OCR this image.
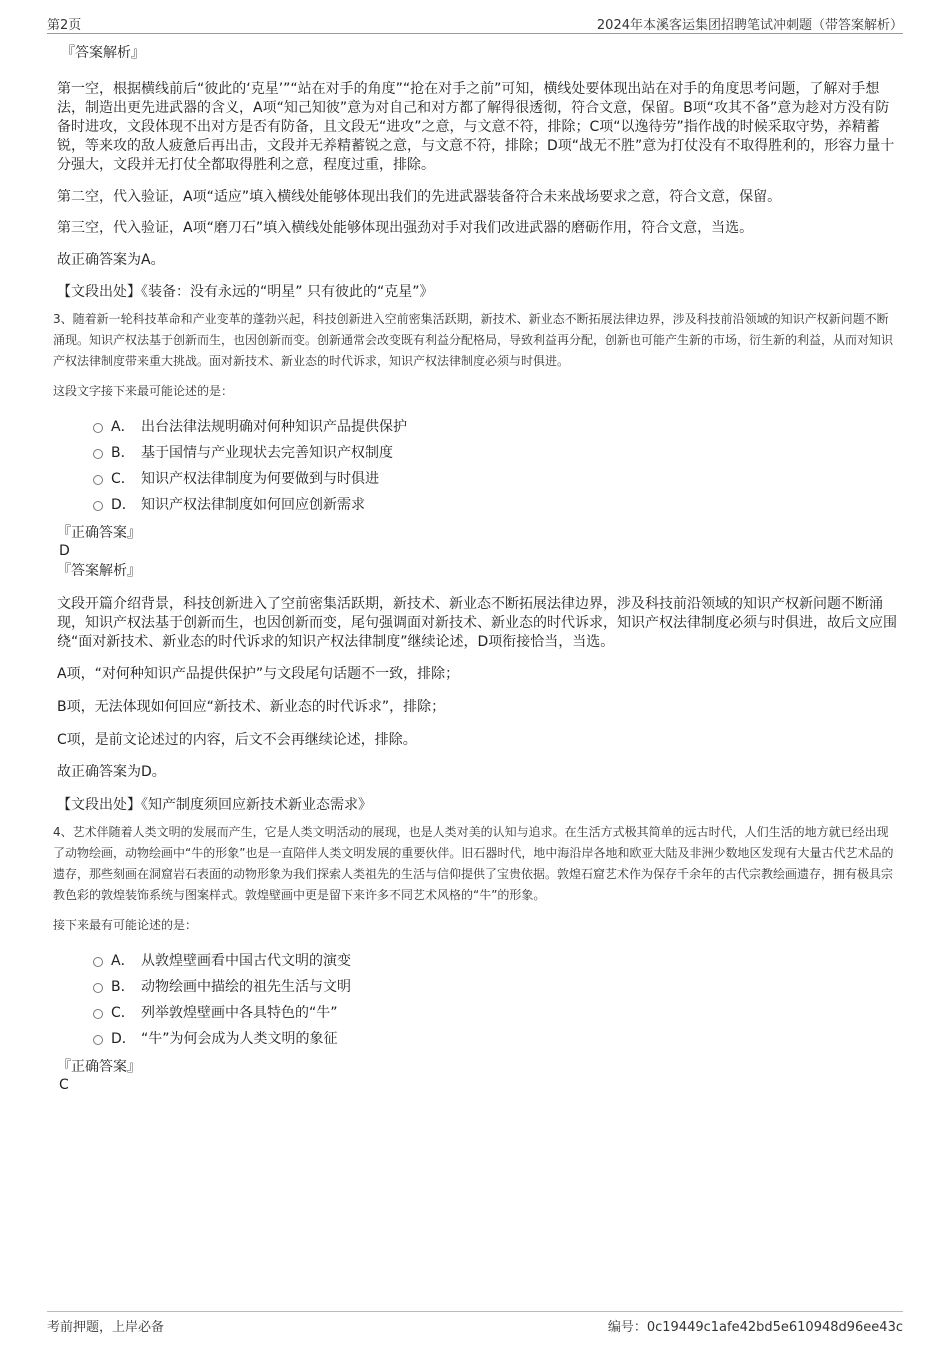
第2页	2024年本溪客运集团招聘笔试冲刺题（带答案解析）

『答案解析』

第一空，根据横线前后“彼此的‘克星’”“站在对手的角度”“抢在对手之前”可知，横线处要体现出站在对手的角度思考问题，了解对手想法，制造出更先进武器的含义，A项“知己知彼”意为对自己和对方都了解得很透彻，符合文意，保留。B项“攻其不备”意为趁对方没有防备时进攻，文段体现不出对方是否有防备，且文段无“进攻”之意，与文意不符，排除；C项“以逸待劳”指作战的时候采取守势，养精蓄锐，等来攻的敌人疲惫后再出击，文段并无养精蓄锐之意，与文意不符，排除；D项“战无不胜”意为打仗没有不取得胜利的，形容力量十分强大，文段并无打仗全都取得胜利之意，程度过重，排除。

第二空，代入验证，A项“适应”填入横线处能够体现出我们的先进武器装备符合未来战场要求之意，符合文意，保留。

第三空，代入验证，A项“磨刀石”填入横线处能够体现出强劲对手对我们改进武器的磨砺作用，符合文意，当选。

故正确答案为A。

【文段出处】《装备：没有永远的“明星” 只有彼此的“克星”》

3、随着新一轮科技革命和产业变革的蓬勃兴起，科技创新进入空前密集活跃期，新技术、新业态不断拓展法律边界，涉及科技前沿领域的知识产权新问题不断涌现。知识产权法基于创新而生，也因创新而变。创新通常会改变既有利益分配格局，导致利益再分配，创新也可能产生新的市场，衍生新的利益，从而对知识产权法律制度带来重大挑战。面对新技术、新业态的时代诉求，知识产权法律制度必须与时俱进。

这段文字接下来最可能论述的是：

A． 出台法律法规明确对何种知识产品提供保护
B． 基于国情与产业现状去完善知识产权制度
C． 知识产权法律制度为何要做到与时俱进
D． 知识产权法律制度如何回应创新需求

『正确答案』

D

『答案解析』

文段开篇介绍背景，科技创新进入了空前密集活跃期，新技术、新业态不断拓展法律边界，涉及科技前沿领域的知识产权新问题不断涌现，知识产权法基于创新而生，也因创新而变，尾句强调面对新技术、新业态的时代诉求，知识产权法律制度必须与时俱进，故后文应围绕“面对新技术、新业态的时代诉求的知识产权法律制度”继续论述，D项衔接恰当，当选。

A项，“对何种知识产品提供保护”与文段尾句话题不一致，排除；

B项，无法体现如何回应“新技术、新业态的时代诉求”，排除；

C项，是前文论述过的内容，后文不会再继续论述，排除。

故正确答案为D。

【文段出处】《知产制度须回应新技术新业态需求》

4、艺术伴随着人类文明的发展而产生，它是人类文明活动的展现，也是人类对美的认知与追求。在生活方式极其简单的远古时代，人们生活的地方就已经出现了动物绘画，动物绘画中“牛的形象”也是一直陪伴人类文明发展的重要伙伴。旧石器时代，地中海沿岸各地和欧亚大陆及非洲少数地区发现有大量古代艺术品的遗存，那些刻画在洞窟岩石表面的动物形象为我们探索人类祖先的生活与信仰提供了宝贵依据。敦煌石窟艺术作为保存千余年的古代宗教绘画遗存，拥有极具宗教色彩的敦煌装饰系统与图案样式。敦煌壁画中更是留下来许多不同艺术风格的“牛”的形象。

接下来最有可能论述的是：

A． 从敦煌壁画看中国古代文明的演变
B． 动物绘画中描绘的祖先生活与文明
C． 列举敦煌壁画中各具特色的“牛”
D． “牛”为何会成为人类文明的象征

『正确答案』

C

考前押题，上岸必备	编号：0c19449c1afe42bd5e610948d96ee43c
